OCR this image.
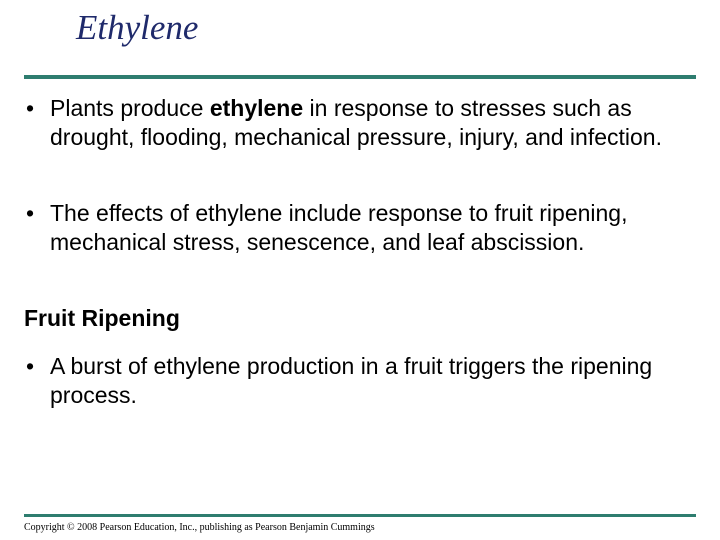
Ethylene

• Plants produce ethylene in response to stresses such as drought, flooding, mechanical pressure, injury, and infection.

• The effects of ethylene include response to fruit ripening, mechanical stress, senescence, and leaf abscission.

Fruit Ripening

• A burst of ethylene production in a fruit triggers the ripening process.

Copyright © 2008 Pearson Education, Inc., publishing as Pearson Benjamin Cummings
